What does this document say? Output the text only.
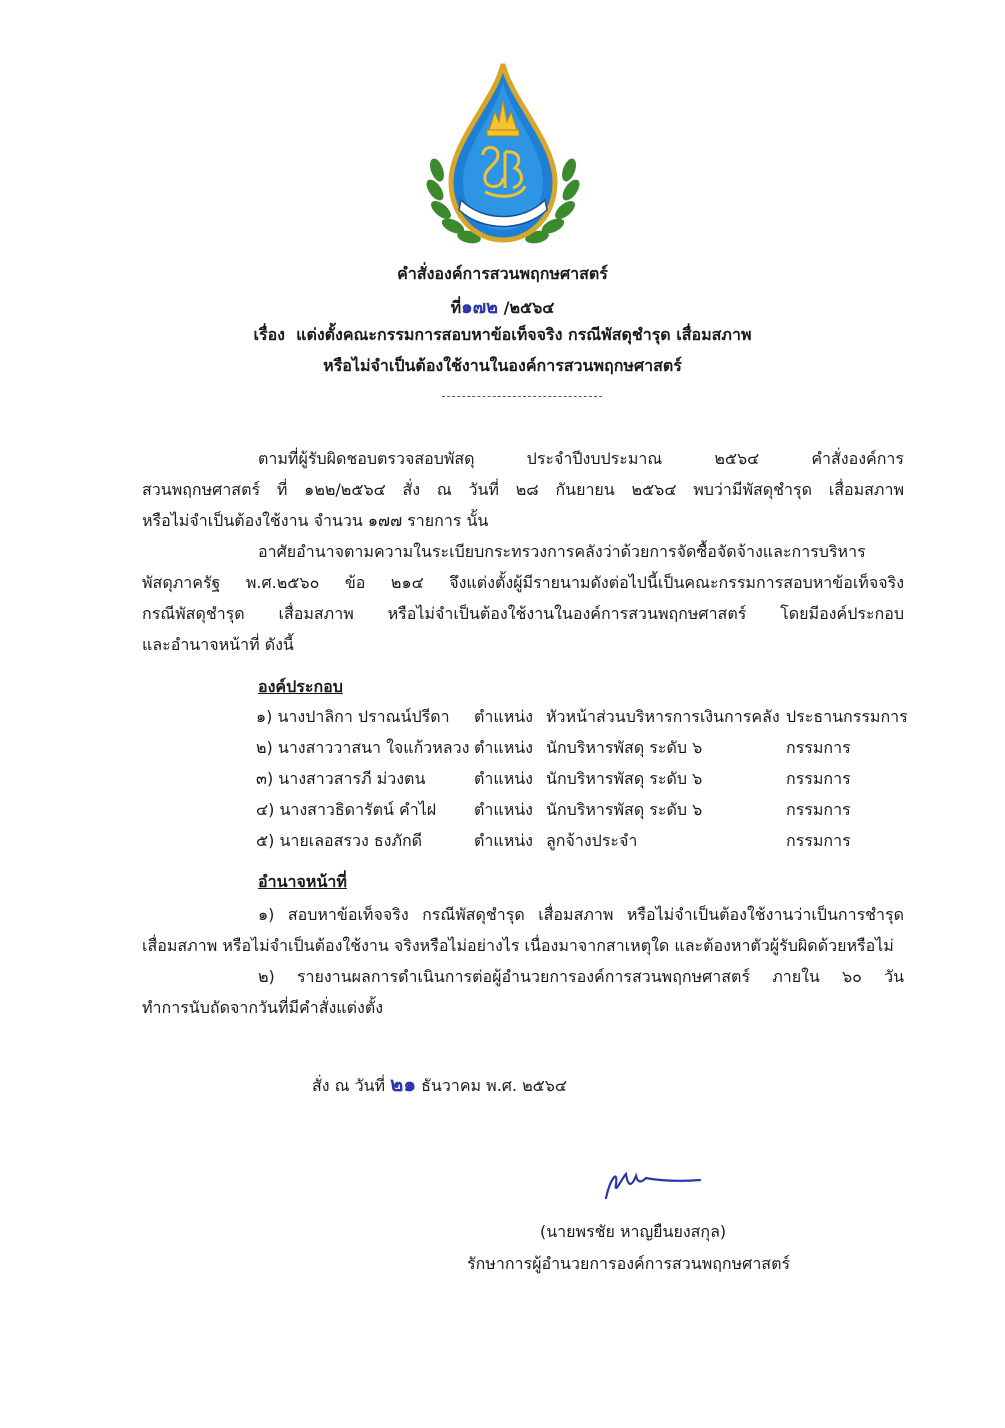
คำสั่งองค์การสวนพฤกษศาสตร์
ที่๑๗๒ /๒๕๖๔
เรื่อง แต่งตั้งคณะกรรมการสอบหาข้อเท็จจริง กรณีพัสดุชำรุด เสื่อมสภาพ
หรือไม่จำเป็นต้องใช้งานในองค์การสวนพฤกษศาสตร์
ตามที่ผู้รับผิดชอบตรวจสอบพัสดุ ประจำปีงบประมาณ ๒๕๖๔ คำสั่งองค์การ
สวนพฤกษศาสตร์ ที่ ๑๒๒/๒๕๖๔ สั่ง ณ วันที่ ๒๘ กันยายน ๒๕๖๔ พบว่ามีพัสดุชำรุด เสื่อมสภาพ
หรือไม่จำเป็นต้องใช้งาน จำนวน ๑๗๗ รายการ นั้น
อาศัยอำนาจตามความในระเบียบกระทรวงการคลังว่าด้วยการจัดซื้อจัดจ้างและการบริหาร
พัสดุภาครัฐ พ.ศ.๒๕๖๐ ข้อ ๒๑๔ จึงแต่งตั้งผู้มีรายนามดังต่อไปนี้เป็นคณะกรรมการสอบหาข้อเท็จจริง
กรณีพัสดุชำรุด เสื่อมสภาพ หรือไม่จำเป็นต้องใช้งานในองค์การสวนพฤกษศาสตร์ โดยมีองค์ประกอบ
และอำนาจหน้าที่ ดังนี้
องค์ประกอบ
๑) นางปาลิกา ปราณน์ปรีดา ตำแหน่ง หัวหน้าส่วนบริหารการเงินการคลัง ประธานกรรมการ
๒) นางสาววาสนา ใจแก้วหลวง ตำแหน่ง นักบริหารพัสดุ ระดับ ๖	กรรมการ
๓) นางสาวสารภี ม่วงตน	ตำแหน่ง นักบริหารพัสดุ ระดับ ๖	กรรมการ
๔) นางสาวธิดารัตน์ คำไฝ ตำแหน่ง นักบริหารพัสดุ ระดับ ๖	กรรมการ
๕) นายเลอสรวง ธงภักดี	ตำแหน่ง ลูกจ้างประจำ	กรรมการ
อำนาจหน้าที่
๑) สอบหาข้อเท็จจริง กรณีพัสดุชำรุด เสื่อมสภาพ หรือไม่จำเป็นต้องใช้งานว่าเป็นการชำรุด
เสื่อมสภาพ หรือไม่จำเป็นต้องใช้งาน จริงหรือไม่อย่างไร เนื่องมาจากสาเหตุใด และต้องหาตัวผู้รับผิดด้วยหรือไม่
๒) รายงานผลการดำเนินการต่อผู้อำนวยการองค์การสวนพฤกษศาสตร์ ภายใน ๖๐ วัน
ทำการนับถัดจากวันที่มีคำสั่งแต่งตั้ง
สั่ง ณ วันที่ ๒๑ ธันวาคม พ.ศ. ๒๕๖๔
(นายพรชัย หาญยืนยงสกุล)
รักษาการผู้อำนวยการองค์การสวนพฤกษศาสตร์
